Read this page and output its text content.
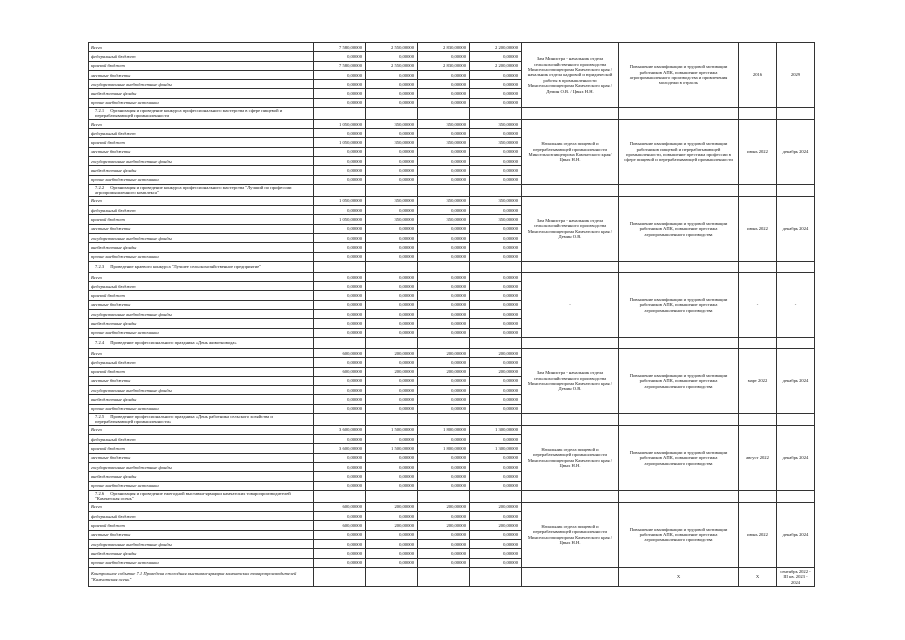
Всего	7 580,00000	2 550,00000	2 830,00000	2 200,00000	Зам Министра - начальник отдела сельскохозяйственного производства Минсельхозпищепрома Камчатского края / начальник отдела кадровой и юридической работы в промышленности Минсельхозпищепрома Камчатского края /Демин О.В. / Цвых Н.Н.	Повышение квалификации и трудовой мотивации работников АПК, повышение престижа агропромышленного производства и привлечения молодежи в отрасль	2016	2029
федеральный бюджет	0,00000	0,00000	0,00000	0,00000				
краевой бюджет	7 580,00000	2 550,00000	2 830,00000	2 200,00000				
местные бюджеты	0,00000	0,00000	0,00000	0,00000				
государственные внебюджетные фонды	0,00000	0,00000	0,00000	0,00000				
внебюджетные фонды	0,00000	0,00000	0,00000	0,00000				
прочие внебюджетные источники	0,00000	0,00000	0,00000	0,00000				
7.2.1 Организация и проведение конкурса профессионального мастерства в сфере пищевой и перерабатывающей промышленности								
Всего	1 050,00000	350,00000	350,00000	350,00000	Начальник отдела пищевой и перерабатывающей промышленности Минсельхозпищепрома Камчатского края/Цвых Н.Н.	Повышение квалификации и трудовой мотивации работников пищевой и перерабатывающей промышленности, повышение престижа профессии в сфере пищевой и перерабатывающей промышленности	июнь 2022	декабрь 2024
федеральный бюджет	0,00000	0,00000	0,00000	0,00000				
краевой бюджет	1 050,00000	350,00000	350,00000	350,00000				
местные бюджеты	0,00000	0,00000	0,00000	0,00000				
государственные внебюджетные фонды	0,00000	0,00000	0,00000	0,00000				
внебюджетные фонды	0,00000	0,00000	0,00000	0,00000				
прочие внебюджетные источники	0,00000	0,00000	0,00000	0,00000				
7.2.2 Организация и проведение конкурса профессионального мастерства "Лучший по профессии агропромышленного комплекса"								
Всего	1 050,00000	350,00000	350,00000	350,00000	Зам Министра - начальник отдела сельскохозяйственного производства Минсельхозпищепрома Камчатского края / Демин О.В.	Повышение квалификации и трудовой мотивации работников АПК, повышение престижа агропромышленного производства	июнь 2022	декабрь 2024
федеральный бюджет	0,00000	0,00000	0,00000	0,00000				
краевой бюджет	1 050,00000	350,00000	350,00000	350,00000				
местные бюджеты	0,00000	0,00000	0,00000	0,00000				
государственные внебюджетные фонды	0,00000	0,00000	0,00000	0,00000				
внебюджетные фонды	0,00000	0,00000	0,00000	0,00000				
прочие внебюджетные источники	0,00000	0,00000	0,00000	0,00000				
7.2.3 Проведение краевого конкурса "Лучшее сельскохозяйственное предприятие"								
Всего	0,00000	0,00000	0,00000	0,00000	-	Повышение квалификации и трудовой мотивации работников АПК, повышение престижа агропромышленного производства	-	-
федеральный бюджет	0,00000	0,00000	0,00000	0,00000				
краевой бюджет	0,00000	0,00000	0,00000	0,00000				
местные бюджеты	0,00000	0,00000	0,00000	0,00000				
государственные внебюджетные фонды	0,00000	0,00000	0,00000	0,00000				
внебюджетные фонды	0,00000	0,00000	0,00000	0,00000				
прочие внебюджетные источники	0,00000	0,00000	0,00000	0,00000				
7.2.4 Проведение профессионального праздника «День животновода»								
Всего	600,00000	200,00000	200,00000	200,00000	Зам Министра - начальник отдела сельскохозяйственного производства Минсельхозпищепрома Камчатского края / Демин О.В.	Повышение квалификации и трудовой мотивации работников АПК, повышение престижа агропромышленного производства	март 2022	декабрь 2024
федеральный бюджет	0,00000	0,00000	0,00000	0,00000				
краевой бюджет	600,00000	200,00000	200,00000	200,00000				
местные бюджеты	0,00000	0,00000	0,00000	0,00000				
государственные внебюджетные фонды	0,00000	0,00000	0,00000	0,00000				
внебюджетные фонды	0,00000	0,00000	0,00000	0,00000				
прочие внебюджетные источники	0,00000	0,00000	0,00000	0,00000				
7.2.5 Проведение профессионального праздника «День работника сельского хозяйства и перерабатывающей промышленности»								
Всего	3 600,00000	1 500,00000	1 800,00000	1 300,00000	Начальник отдела пищевой и перерабатывающей промышленности Минсельхозпищепрома Камчатского края / Цвых Н.Н.	Повышение квалификации и трудовой мотивации работников АПК, повышение престижа агропромышленного производства	август 2022	декабрь 2024
федеральный бюджет	0,00000	0,00000	0,00000	0,00000				
краевой бюджет	3 600,00000	1 500,00000	1 800,00000	1 300,00000				
местные бюджеты	0,00000	0,00000	0,00000	0,00000				
государственные внебюджетные фонды	0,00000	0,00000	0,00000	0,00000				
внебюджетные фонды	0,00000	0,00000	0,00000	0,00000				
прочие внебюджетные источники	0,00000	0,00000	0,00000	0,00000				
7.2.6 Организация и проведение ежегодной выставки-ярмарки камчатских товаропроизводителей "Камчатская осень"								
Всего	600,00000	200,00000	200,00000	200,00000	Начальник отдела пищевой и перерабатывающей промышленности Минсельхозпищепрома Камчатского края / Цвых Н.Н.	Повышение квалификации и трудовой мотивации работников АПК, повышение престижа агропромышленного производства	июнь 2022	декабрь 2024
федеральный бюджет	0,00000	0,00000	0,00000	0,00000				
краевой бюджет	600,00000	200,00000	200,00000	200,00000				
местные бюджеты	0,00000	0,00000	0,00000	0,00000				
государственные внебюджетные фонды	0,00000	0,00000	0,00000	0,00000				
внебюджетные фонды	0,00000	0,00000	0,00000	0,00000				
прочие внебюджетные источники	0,00000	0,00000	0,00000	0,00000				
Контрольное событие 7.1 Проведена ежегодная выставка-ярмарка камчатских товаропроизводителей "Камчатская осень"						X	X	сентябрь 2022 - III кв. 2023 - 2024
